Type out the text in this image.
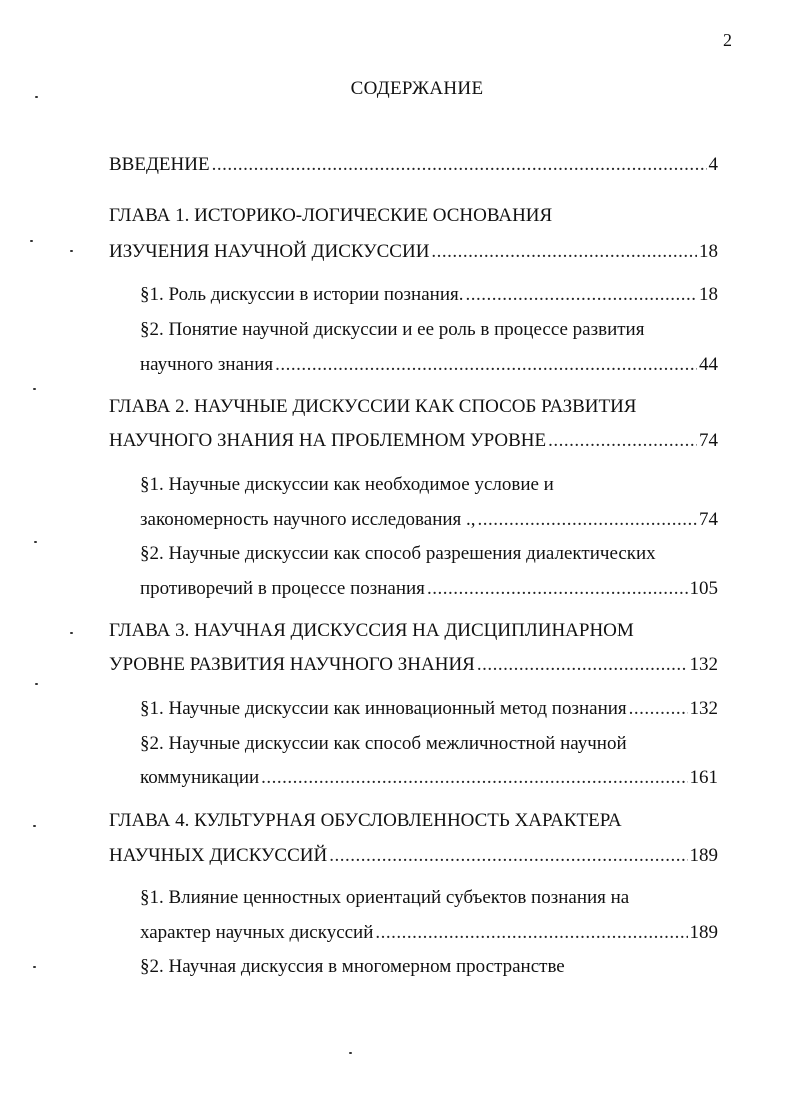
2
СОДЕРЖАНИЕ
ВВЕДЕНИЕ .....	4
ГЛАВА 1. ИСТОРИКО-ЛОГИЧЕСКИЕ ОСНОВАНИЯ
ИЗУЧЕНИЯ НАУЧНОЙ ДИСКУССИИ .....	18
§1. Роль дискуссии в истории познания. .....	18
§2. Понятие научной дискуссии и ее роль в процессе развития
научного знания .....	44
ГЛАВА 2. НАУЧНЫЕ ДИСКУССИИ КАК СПОСОБ РАЗВИТИЯ
НАУЧНОГО ЗНАНИЯ НА ПРОБЛЕМНОМ УРОВНЕ .....	74
§1. Научные дискуссии как необходимое условие и
закономерность научного исследования ., .....	74
§2. Научные дискуссии как способ разрешения диалектических
противоречий в процессе познания .....	105
ГЛАВА 3. НАУЧНАЯ ДИСКУССИЯ НА ДИСЦИПЛИНАРНОМ
УРОВНЕ РАЗВИТИЯ НАУЧНОГО ЗНАНИЯ .....	132
§1. Научные дискуссии как инновационный метод познания .....	132
§2. Научные дискуссии как способ межличностной научной
коммуникации .....	161
ГЛАВА 4. КУЛЬТУРНАЯ ОБУСЛОВЛЕННОСТЬ ХАРАКТЕРА
НАУЧНЫХ ДИСКУССИЙ .....	189
§1. Влияние ценностных ориентаций субъектов познания на
характер научных дискуссий .....	189
§2. Научная дискуссия в многомерном пространстве
